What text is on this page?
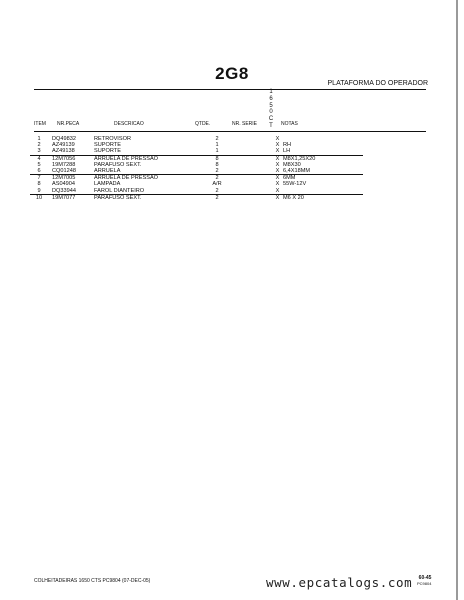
2G8
PLATAFORMA DO OPERADOR
1
6
5
0
C
T
ITEM NR.PECA	DESCRICAO	QTDE.	NR. SERIE	NOTAS
1	DQ49832	RETROVISOR	2		X	
2	AZ49139	SUPORTE	1		X	RH
3	AZ49138	SUPORTE	1		X	LH
4	12M7056	ARRUELA DE PRESSAO	8		X	M8X1,25X20
5	19M7288	PARAFUSO SEXT.	8		X	M8X30
6	CQ01248	ARRUELA	2		X	6,4X18MM
7	12M7005	ARRUELA DE PRESSAO	2		X	6MM
8	AS04904	LAMPADA	A/R		X	55W-12V
9	DQ33944	FAROL DIANTEIRO	2		X	
10	19M7077	PARAFUSO SEXT.	2		X	M6 X 20
COLHEITADEIRAS 1650 CTS PC9804 (07-DEC-05)	www.epcatalogs.com	60-45
PC9804
